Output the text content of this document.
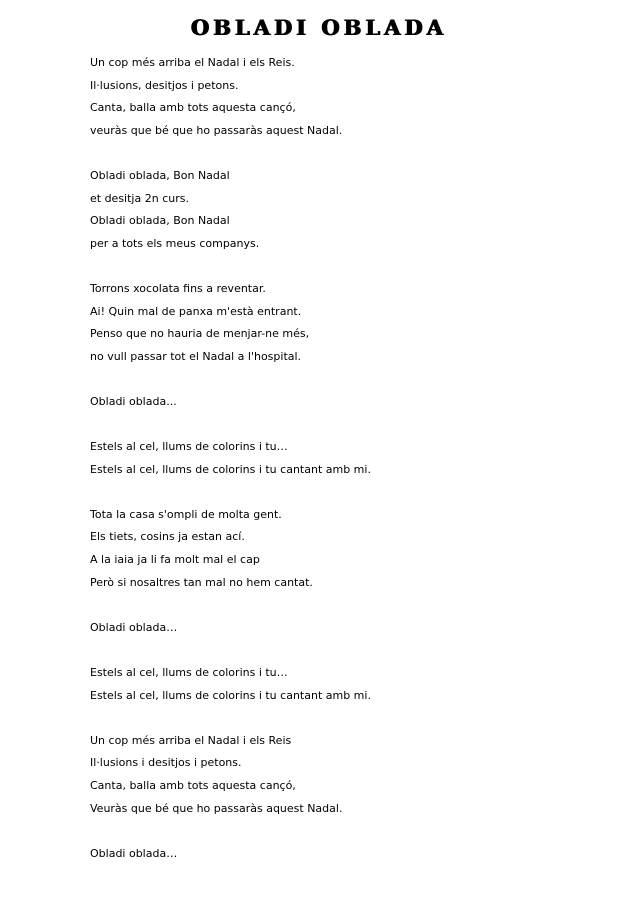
OBLADI OBLADA
Un cop més arriba el Nadal i els Reis.
Il·lusions, desitjos i petons.
Canta, balla amb tots aquesta cançó,
veuràs que bé que ho passaràs aquest Nadal.
Obladi oblada, Bon Nadal
et desitja 2n curs.
Obladi oblada, Bon Nadal
per a tots els meus companys.
Torrons xocolata fins a reventar.
Ai! Quin mal de panxa m'està entrant.
Penso que no hauria de menjar-ne més,
no vull passar tot el Nadal a l'hospital.
Obladi oblada...
Estels al cel, llums de colorins i tu…
Estels al cel, llums de colorins i tu cantant amb mi.
Tota la casa s'ompli de molta gent.
Els tiets, cosins ja estan ací.
A la iaia ja li fa molt mal el cap
Però si nosaltres tan mal no hem cantat.
Obladi oblada…
Estels al cel, llums de colorins i tu…
Estels al cel, llums de colorins i tu cantant amb mi.
Un cop més arriba el Nadal i els Reis
Il·lusions i desitjos i petons.
Canta, balla amb tots aquesta cançó,
Veuràs que bé que ho passaràs aquest Nadal.
Obladi oblada…
